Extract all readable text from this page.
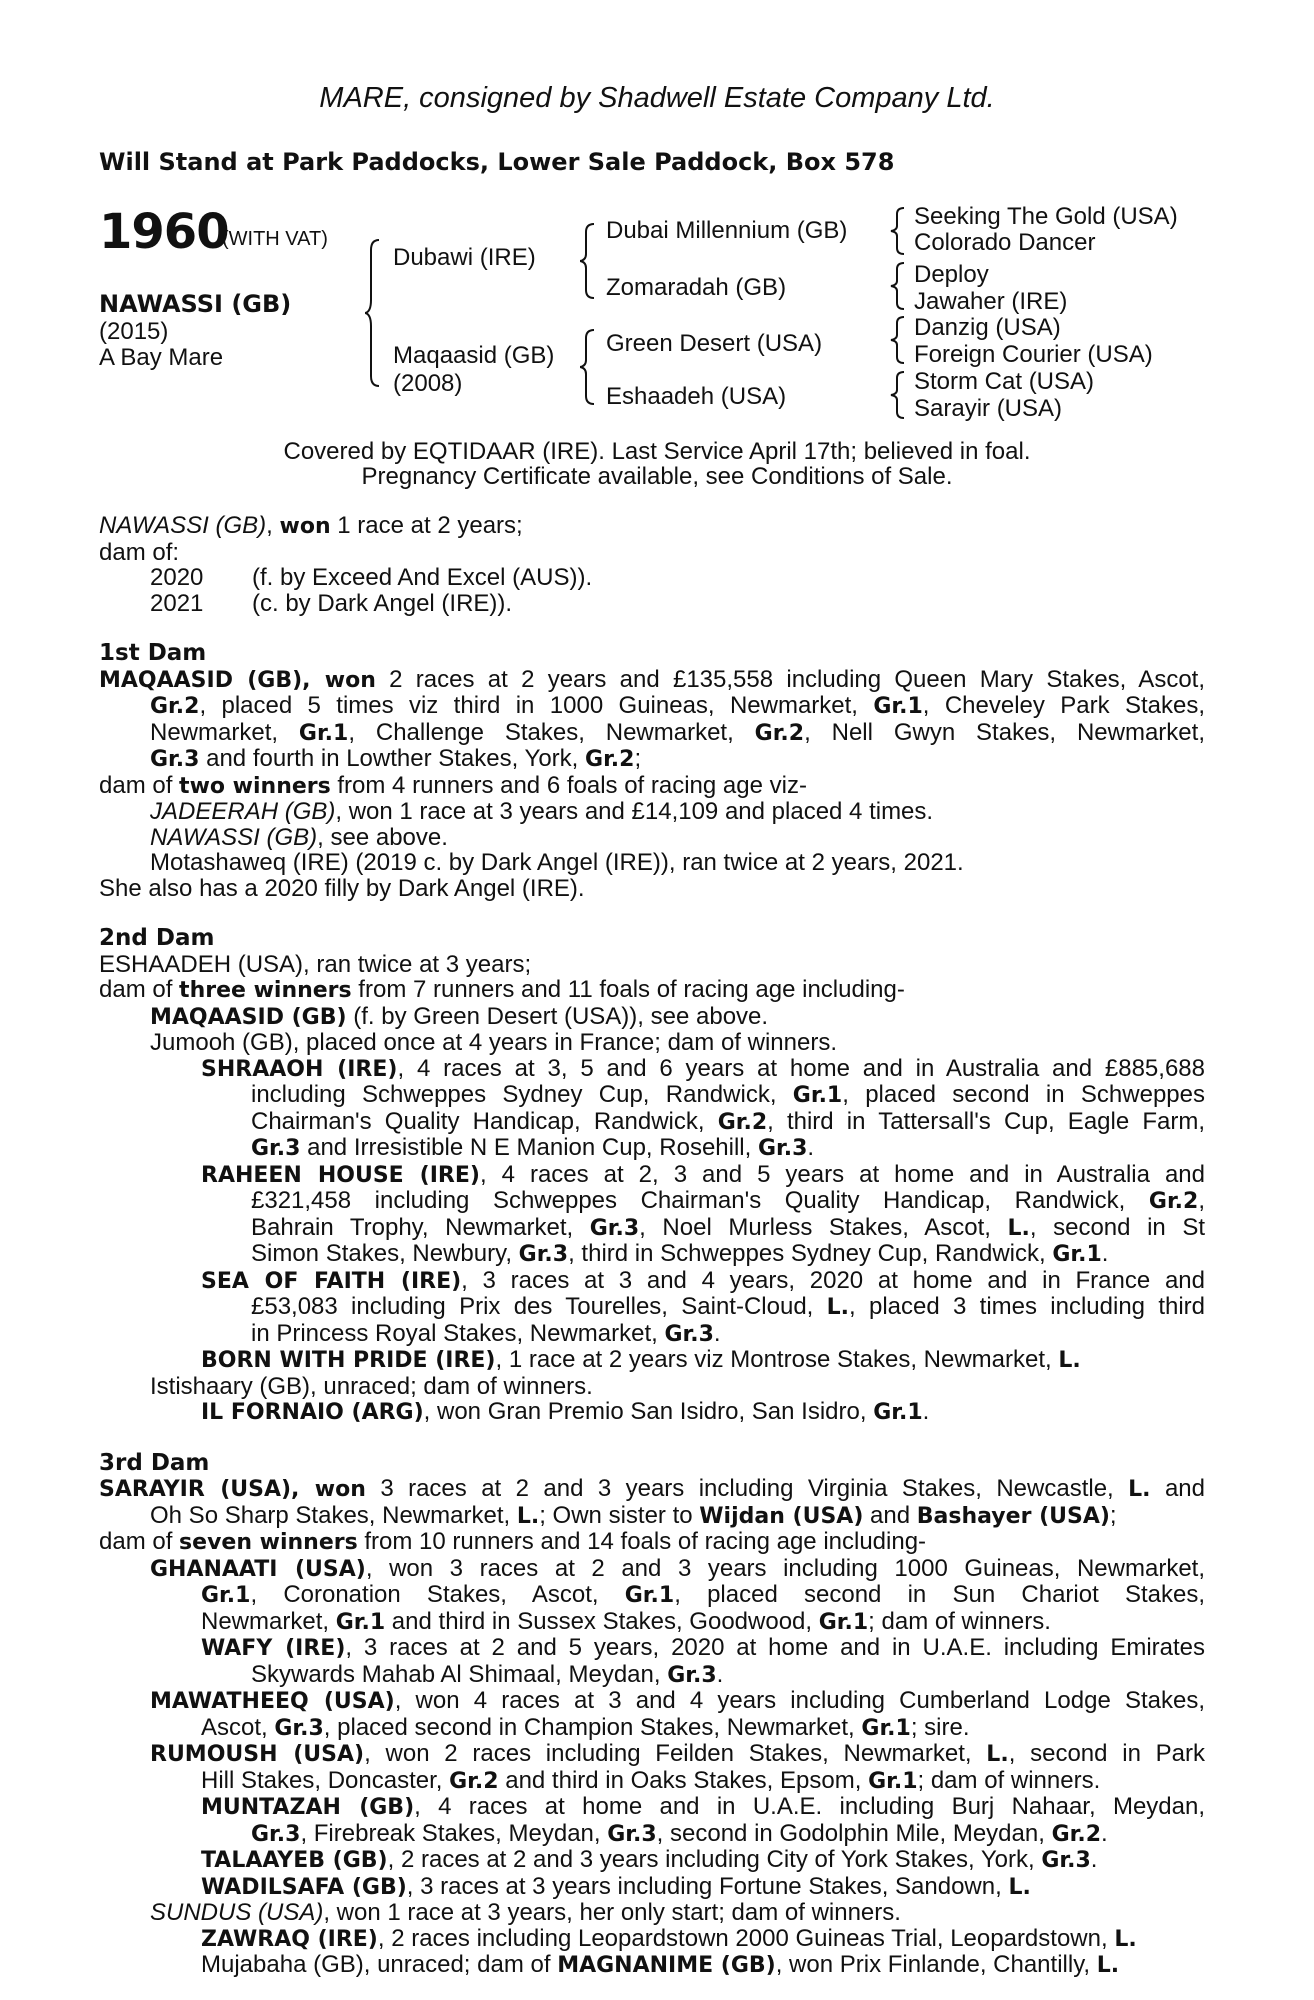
MARE, consigned by Shadwell Estate Company Ltd.
Will Stand at Park Paddocks, Lower Sale Paddock, Box 578
1960
(WITH VAT)
NAWASSI (GB)
(2015)
A Bay Mare
Dubawi (IRE)
Maqaasid (GB)
(2008)
Dubai Millennium (GB)
Zomaradah (GB)
Green Desert (USA)
Eshaadeh (USA)
Seeking The Gold (USA)
Colorado Dancer
Deploy
Jawaher (IRE)
Danzig (USA)
Foreign Courier (USA)
Storm Cat (USA)
Sarayir (USA)
Covered by EQTIDAAR (IRE). Last Service April 17th; believed in foal.
Pregnancy Certificate available, see Conditions of Sale.
NAWASSI (GB), won 1 race at 2 years;
dam of:
2020 (f. by Exceed And Excel (AUS)).
2021 (c. by Dark Angel (IRE)).
1st Dam
MAQAASID (GB), won 2 races at 2 years and £135,558 including Queen Mary Stakes, Ascot,
Gr.2, placed 5 times viz third in 1000 Guineas, Newmarket, Gr.1, Cheveley Park Stakes,
Newmarket, Gr.1, Challenge Stakes, Newmarket, Gr.2, Nell Gwyn Stakes, Newmarket,
Gr.3 and fourth in Lowther Stakes, York, Gr.2;
dam of two winners from 4 runners and 6 foals of racing age viz-
JADEERAH (GB), won 1 race at 3 years and £14,109 and placed 4 times.
NAWASSI (GB), see above.
Motashaweq (IRE) (2019 c. by Dark Angel (IRE)), ran twice at 2 years, 2021.
She also has a 2020 filly by Dark Angel (IRE).
2nd Dam
ESHAADEH (USA), ran twice at 3 years;
dam of three winners from 7 runners and 11 foals of racing age including-
MAQAASID (GB) (f. by Green Desert (USA)), see above.
Jumooh (GB), placed once at 4 years in France; dam of winners.
SHRAAOH (IRE), 4 races at 3, 5 and 6 years at home and in Australia and £885,688
including Schweppes Sydney Cup, Randwick, Gr.1, placed second in Schweppes
Chairman's Quality Handicap, Randwick, Gr.2, third in Tattersall's Cup, Eagle Farm,
Gr.3 and Irresistible N E Manion Cup, Rosehill, Gr.3.
RAHEEN HOUSE (IRE), 4 races at 2, 3 and 5 years at home and in Australia and
£321,458 including Schweppes Chairman's Quality Handicap, Randwick, Gr.2,
Bahrain Trophy, Newmarket, Gr.3, Noel Murless Stakes, Ascot, L., second in St
Simon Stakes, Newbury, Gr.3, third in Schweppes Sydney Cup, Randwick, Gr.1.
SEA OF FAITH (IRE), 3 races at 3 and 4 years, 2020 at home and in France and
£53,083 including Prix des Tourelles, Saint-Cloud, L., placed 3 times including third
in Princess Royal Stakes, Newmarket, Gr.3.
BORN WITH PRIDE (IRE), 1 race at 2 years viz Montrose Stakes, Newmarket, L.
Istishaary (GB), unraced; dam of winners.
IL FORNAIO (ARG), won Gran Premio San Isidro, San Isidro, Gr.1.
3rd Dam
SARAYIR (USA), won 3 races at 2 and 3 years including Virginia Stakes, Newcastle, L. and
Oh So Sharp Stakes, Newmarket, L.; Own sister to Wijdan (USA) and Bashayer (USA);
dam of seven winners from 10 runners and 14 foals of racing age including-
GHANAATI (USA), won 3 races at 2 and 3 years including 1000 Guineas, Newmarket,
Gr.1, Coronation Stakes, Ascot, Gr.1, placed second in Sun Chariot Stakes,
Newmarket, Gr.1 and third in Sussex Stakes, Goodwood, Gr.1; dam of winners.
WAFY (IRE), 3 races at 2 and 5 years, 2020 at home and in U.A.E. including Emirates
Skywards Mahab Al Shimaal, Meydan, Gr.3.
MAWATHEEQ (USA), won 4 races at 3 and 4 years including Cumberland Lodge Stakes,
Ascot, Gr.3, placed second in Champion Stakes, Newmarket, Gr.1; sire.
RUMOUSH (USA), won 2 races including Feilden Stakes, Newmarket, L., second in Park
Hill Stakes, Doncaster, Gr.2 and third in Oaks Stakes, Epsom, Gr.1; dam of winners.
MUNTAZAH (GB), 4 races at home and in U.A.E. including Burj Nahaar, Meydan,
Gr.3, Firebreak Stakes, Meydan, Gr.3, second in Godolphin Mile, Meydan, Gr.2.
TALAAYEB (GB), 2 races at 2 and 3 years including City of York Stakes, York, Gr.3.
WADILSAFA (GB), 3 races at 3 years including Fortune Stakes, Sandown, L.
SUNDUS (USA), won 1 race at 3 years, her only start; dam of winners.
ZAWRAQ (IRE), 2 races including Leopardstown 2000 Guineas Trial, Leopardstown, L.
Mujabaha (GB), unraced; dam of MAGNANIME (GB), won Prix Finlande, Chantilly, L.
